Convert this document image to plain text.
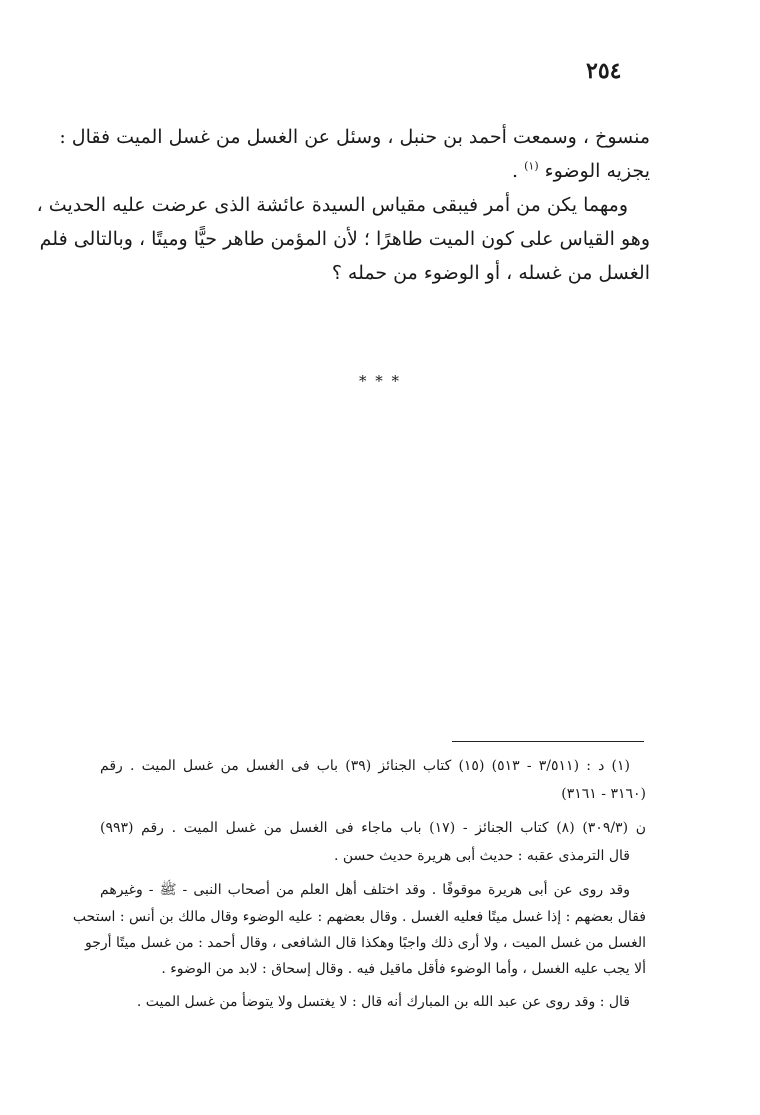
٢٥٤
منسوخ ، وسمعت أحمد بن حنبل ، وسئل عن الغسل من غسل الميت فقال :
يجزيه الوضوء $^{(١)}$ .
ومهما يكن من أمر فيبقى مقياس السيدة عائشة الذى عرضت عليه الحديث ،
وهو القياس على كون الميت طاهرًا ؛ لأن المؤمن طاهر حيًّا وميتًا ، وبالتالى فلم
الغسل من غسله ، أو الوضوء من حمله ؟
* * *
(١) د : (٣/٥١١ - ٥١٣) (١٥) كتاب الجنائز (٣٩) باب فى الغسل من غسل الميت . رقم
(٣١٦٠ - ٣١٦١)
ن (٣٠٩/٣) (٨) كتاب الجنائز - (١٧) باب ماجاء فى الغسل من غسل الميت . رقم (٩٩٣)
قال الترمذى عقبه : حديث أبى هريرة حديث حسن .
وقد روى عن أبى هريرة موقوفًا . وقد اختلف أهل العلم من أصحاب النبى - ﷺ - وغيرهم
فقال بعضهم : إذا غسل ميتًا فعليه الغسل . وقال بعضهم : عليه الوضوء وقال مالك بن أنس : استحب
الغسل من غسل الميت ، ولا أرى ذلك واجبًا وهكذا قال الشافعى ، وقال أحمد : من غسل ميتًا أرجو
ألا يجب عليه الغسل ، وأما الوضوء فأقل ماقيل فيه . وقال إسحاق : لابد من الوضوء .
قال : وقد روى عن عبد الله بن المبارك أنه قال : لا يغتسل ولا يتوضأ من غسل الميت .
